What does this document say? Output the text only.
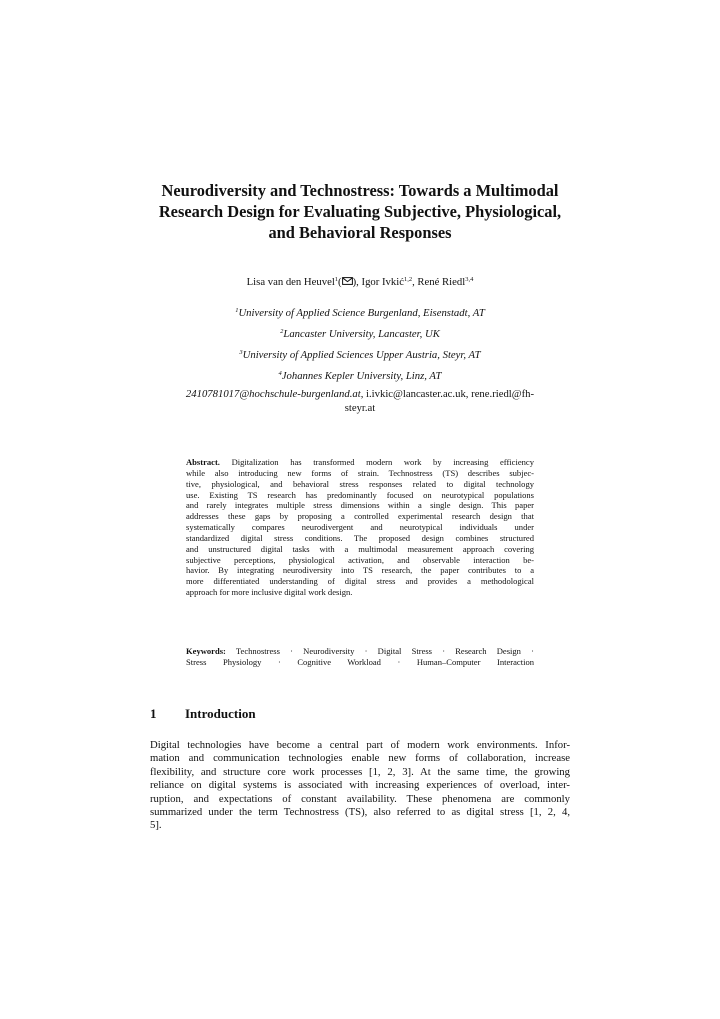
Neurodiversity and Technostress: Towards a Multimodal
Research Design for Evaluating Subjective, Physiological,
and Behavioral Responses
Lisa van den Heuvel$^1$( ), Igor Ivkić$^{1,2}$, René Riedl$^{3,4}$
$^1$University of Applied Science Burgenland, Eisenstadt, AT
$^2$Lancaster University, Lancaster, UK
$^3$University of Applied Sciences Upper Austria, Steyr, AT
$^4$Johannes Kepler University, Linz, AT
2410781017@hochschule-burgenland.at, i.ivkic@lancaster.ac.uk, rene.riedl@fh-
steyr.at
Abstract. Digitalization has transformed modern work by increasing efficiency
while also introducing new forms of strain. Technostress (TS) describes subjec-
tive, physiological, and behavioral stress responses related to digital technology
use. Existing TS research has predominantly focused on neurotypical populations
and rarely integrates multiple stress dimensions within a single design. This paper
addresses these gaps by proposing a controlled experimental research design that
systematically compares neurodivergent and neurotypical individuals under
standardized digital stress conditions. The proposed design combines structured
and unstructured digital tasks with a multimodal measurement approach covering
subjective perceptions, physiological activation, and observable interaction be-
havior. By integrating neurodiversity into TS research, the paper contributes to a
more differentiated understanding of digital stress and provides a methodological
approach for more inclusive digital work design.
Keywords: Technostress · Neurodiversity · Digital Stress · Research Design ·
Stress Physiology · Cognitive Workload · Human–Computer Interaction
1 Introduction
Digital technologies have become a central part of modern work environments. Infor-
mation and communication technologies enable new forms of collaboration, increase
flexibility, and structure core work processes [1, 2, 3]. At the same time, the growing
reliance on digital systems is associated with increasing experiences of overload, inter-
ruption, and expectations of constant availability. These phenomena are commonly
summarized under the term Technostress (TS), also referred to as digital stress [1, 2, 4,
5].
